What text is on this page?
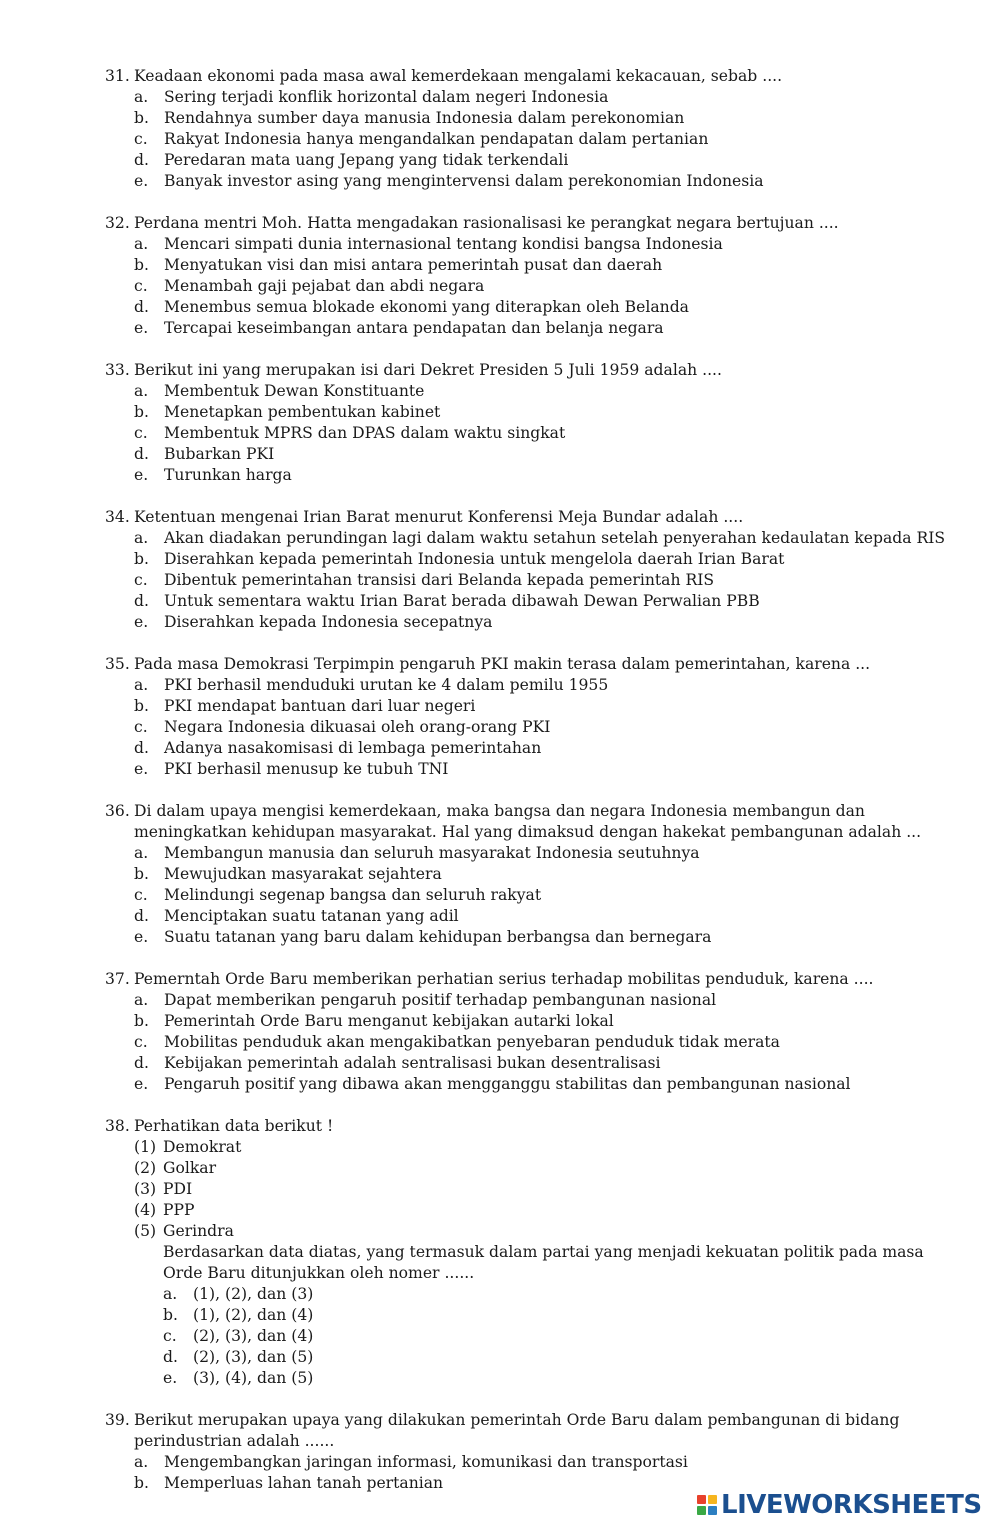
31. Keadaan ekonomi pada masa awal kemerdekaan mengalami kekacauan, sebab ....
a.	Sering terjadi konflik horizontal dalam negeri Indonesia
b. Rendahnya sumber daya manusia Indonesia dalam perekonomian
c.	Rakyat Indonesia hanya mengandalkan pendapatan dalam pertanian
d. Peredaran mata uang Jepang yang tidak terkendali
e.	Banyak investor asing yang mengintervensi dalam perekonomian Indonesia
32. Perdana mentri Moh. Hatta mengadakan rasionalisasi ke perangkat negara bertujuan ....
a.	Mencari simpati dunia internasional tentang kondisi bangsa Indonesia
b. Menyatukan visi dan misi antara pemerintah pusat dan daerah
c.	Menambah gaji pejabat dan abdi negara
d. Menembus semua blokade ekonomi yang diterapkan oleh Belanda
e.	Tercapai keseimbangan antara pendapatan dan belanja negara
33. Berikut ini yang merupakan isi dari Dekret Presiden 5 Juli 1959 adalah ....
a.	Membentuk Dewan Konstituante
b. Menetapkan pembentukan kabinet
c.	Membentuk MPRS dan DPAS dalam waktu singkat
d. Bubarkan PKI
e.	Turunkan harga
34. Ketentuan mengenai Irian Barat menurut Konferensi Meja Bundar adalah ....
a.	Akan diadakan perundingan lagi dalam waktu setahun setelah penyerahan kedaulatan kepada RIS
b. Diserahkan kepada pemerintah Indonesia untuk mengelola daerah Irian Barat
c.	Dibentuk pemerintahan transisi dari Belanda kepada pemerintah RIS
d. Untuk sementara waktu Irian Barat berada dibawah Dewan Perwalian PBB
e.	Diserahkan kepada Indonesia secepatnya
35. Pada masa Demokrasi Terpimpin pengaruh PKI makin terasa dalam pemerintahan, karena ...
a.	PKI berhasil menduduki urutan ke 4 dalam pemilu 1955
b. PKI mendapat bantuan dari luar negeri
c.	Negara Indonesia dikuasai oleh orang-orang PKI
d. Adanya nasakomisasi di lembaga pemerintahan
e.	PKI berhasil menusup ke tubuh TNI
36. Di dalam upaya mengisi kemerdekaan, maka bangsa dan negara Indonesia membangun dan meningkatkan kehidupan masyarakat. Hal yang dimaksud dengan hakekat pembangunan adalah ...
a.	Membangun manusia dan seluruh masyarakat Indonesia seutuhnya
b. Mewujudkan masyarakat sejahtera
c.	Melindungi segenap bangsa dan seluruh rakyat
d. Menciptakan suatu tatanan yang adil
e.	Suatu tatanan yang baru dalam kehidupan berbangsa dan bernegara
37. Pemerntah Orde Baru memberikan perhatian serius terhadap mobilitas penduduk, karena ....
a.	Dapat memberikan pengaruh positif terhadap pembangunan nasional
b. Pemerintah Orde Baru menganut kebijakan autarki lokal
c.	Mobilitas penduduk akan mengakibatkan penyebaran penduduk tidak merata
d. Kebijakan pemerintah adalah sentralisasi bukan desentralisasi
e.	Pengaruh positif yang dibawa akan mengganggu stabilitas dan pembangunan nasional
38. Perhatikan data berikut !
(1) Demokrat
(2) Golkar
(3) PDI
(4) PPP
(5) Gerindra
Berdasarkan data diatas, yang termasuk dalam partai yang menjadi kekuatan politik pada masa Orde Baru ditunjukkan oleh nomer ......
a.	(1), (2), dan (3)
b. (1), (2), dan (4)
c.	(2), (3), dan (4)
d. (2), (3), dan (5)
e.	(3), (4), dan (5)
39. Berikut merupakan upaya yang dilakukan pemerintah Orde Baru dalam pembangunan di bidang perindustrian adalah ......
a.	Mengembangkan jaringan informasi, komunikasi dan transportasi
b. Memperluas lahan tanah pertanian
LIVEWORKSHEETS
